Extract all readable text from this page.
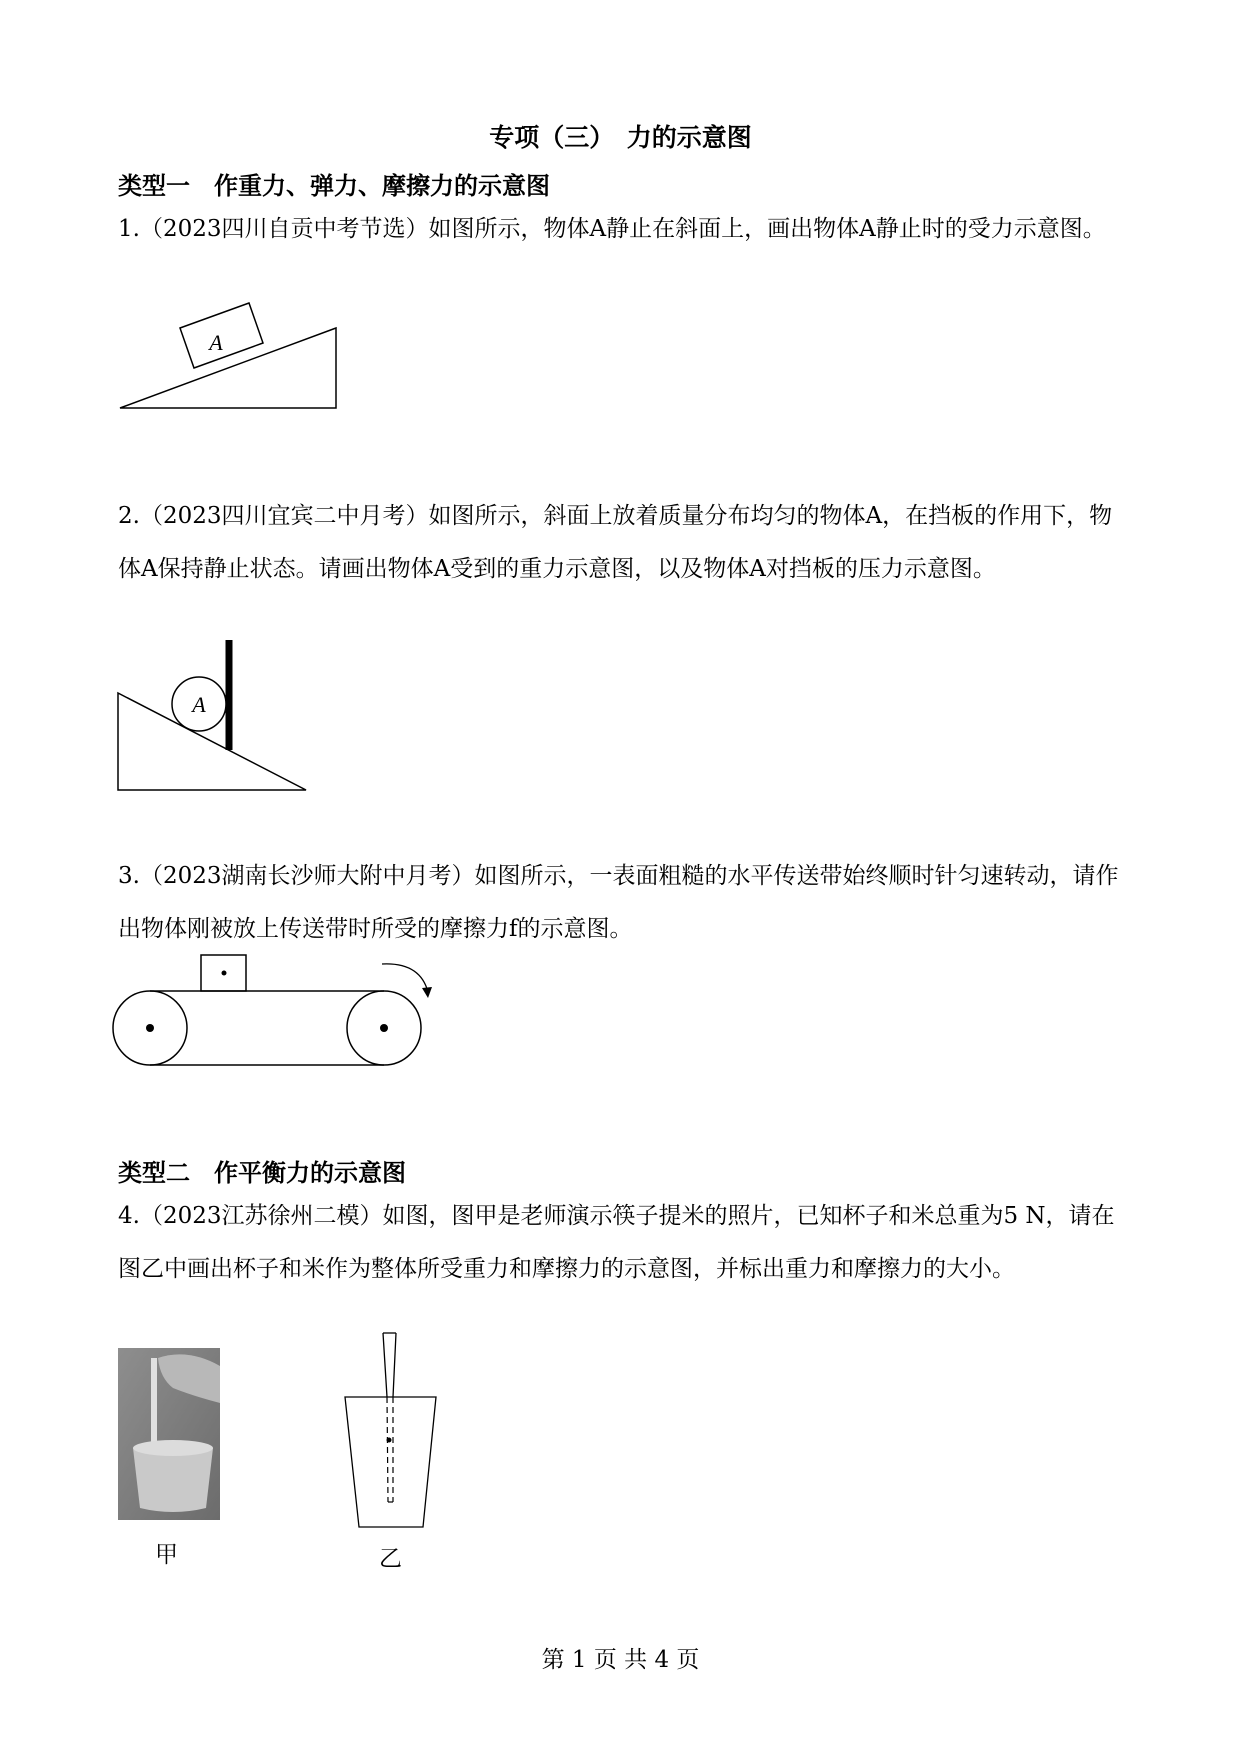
专项（三）　力的示意图
类型一　作重力、弹力、摩擦力的示意图
1.（2023四川自贡中考节选）如图所示，物体A静止在斜面上，画出物体A静止时的受力示意图。
A
2.（2023四川宜宾二中月考）如图所示，斜面上放着质量分布均匀的物体A，在挡板的作用下，物体A保持静止状态。请画出物体A受到的重力示意图，以及物体A对挡板的压力示意图。
A
3.（2023湖南长沙师大附中月考）如图所示，一表面粗糙的水平传送带始终顺时针匀速转动，请作出物体刚被放上传送带时所受的摩擦力f的示意图。
类型二　作平衡力的示意图
4.（2023江苏徐州二模）如图，图甲是老师演示筷子提米的照片，已知杯子和米总重为5 N，请在图乙中画出杯子和米作为整体所受重力和摩擦力的示意图，并标出重力和摩擦力的大小。
甲	乙
第 1 页 共 4 页
